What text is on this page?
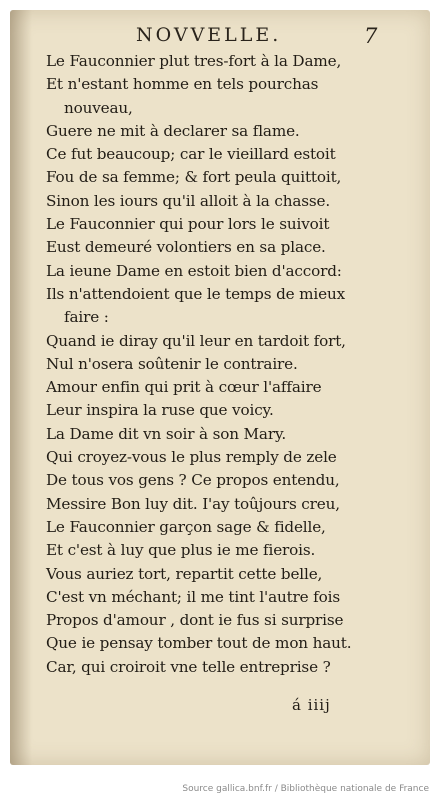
NOVVELLE.	7
Le Fauconnier plut tres-fort à la Dame,
Et n'estant homme en tels pourchas
nouveau,
Guere ne mit à declarer sa flame.
Ce fut beaucoup; car le vieillard estoit
Fou de sa femme; & fort peula quittoit,
Sinon les iours qu'il alloit à la chasse.
Le Fauconnier qui pour lors le suivoit
Eust demeuré volontiers en sa place.
La ieune Dame en estoit bien d'accord:
Ils n'attendoient que le temps de mieux
faire :
Quand ie diray qu'il leur en tardoit fort,
Nul n'osera soûtenir le contraire.
Amour enfin qui prit à cœur l'affaire
Leur inspira la ruse que voicy.
La Dame dit vn soir à son Mary.
Qui croyez-vous le plus remply de zele
De tous vos gens ? Ce propos entendu,
Messire Bon luy dit. I'ay toûjours creu,
Le Fauconnier garçon sage & fidelle,
Et c'est à luy que plus ie me fierois.
Vous auriez tort, repartit cette belle,
C'est vn méchant; il me tint l'autre fois
Propos d'amour , dont ie fus si surprise
Que ie pensay tomber tout de mon haut.
Car, qui croiroit vne telle entreprise ?
á iiij
Source gallica.bnf.fr / Bibliothèque nationale de France
